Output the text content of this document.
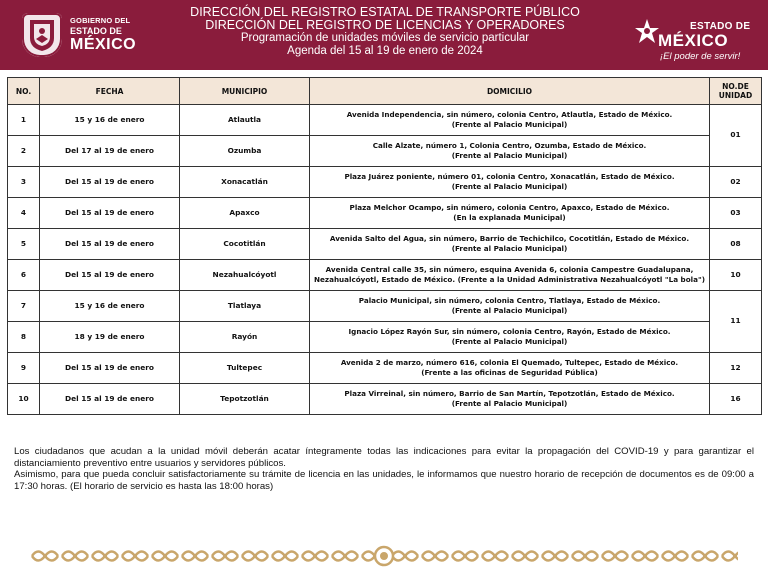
GOBIERNO DEL
ESTADO DE
MÉXICO
DIRECCIÓN DEL REGISTRO ESTATAL DE TRANSPORTE PÚBLICO
DIRECCIÓN DEL REGISTRO DE LICENCIAS Y OPERADORES
Programación de unidades móviles de servicio particular
Agenda del 15 al 19 de enero de 2024
ESTADO DE
MÉXICO
¡El poder de servir!
NO.	FECHA	MUNICIPIO	DOMICILIO	NO.DE UNIDAD
1	15 y 16 de enero	Atlautla	Avenida Independencia, sin número, colonia Centro, Atlautla, Estado de México.
(Frente al Palacio Municipal)	01
2	Del 17 al 19 de enero	Ozumba	Calle Alzate, número 1, Colonia Centro, Ozumba, Estado de México.
(Frente al Palacio Municipal)	

3	Del 15 al 19 de enero	Xonacatlán	Plaza Juárez poniente, número 01, colonia Centro, Xonacatlán, Estado de México.
(Frente al Palacio Municipal)	02
4	Del 15 al 19 de enero	Apaxco	Plaza Melchor Ocampo, sin número, colonia Centro, Apaxco, Estado de México.
(En la explanada Municipal)	03
5	Del 15 al 19 de enero	Cocotitlán	Avenida Salto del Agua, sin número, Barrio de Techichilco, Cocotitlán, Estado de México.
(Frente al Palacio Municipal)	08
6	Del 15 al 19 de enero	Nezahualcóyotl	Avenida Central calle 35, sin número, esquina Avenida 6, colonia Campestre Guadalupana,
Nezahualcóyotl, Estado de México. (Frente a la Unidad Administrativa Nezahualcóyotl "La bola")	10
7	15 y 16 de enero	Tlatlaya	Palacio Municipal, sin número, colonia Centro, Tlatlaya, Estado de México.
(Frente al Palacio Municipal)	11
8	18 y 19 de enero	Rayón	Ignacio López Rayón Sur, sin número, colonia Centro, Rayón, Estado de México.
(Frente al Palacio Municipal)	

9	Del 15 al 19 de enero	Tultepec	Avenida 2 de marzo, número 616, colonia El Quemado, Tultepec, Estado de México.
(Frente a las oficinas de Seguridad Pública)	12
10	Del 15 al 19 de enero	Tepotzotlán	Plaza Virreinal, sin número, Barrio de San Martín, Tepotzotlán, Estado de México.
(Frente al Palacio Municipal)	16

Los ciudadanos que acudan a la unidad móvil deberán acatar íntegramente todas las indicaciones para evitar la propagación del COVID-19 y para garantizar el distanciamiento preventivo entre usuarios y servidores públicos.

Asimismo, para que pueda concluir satisfactoriamente su trámite de licencia en las unidades, le informamos que nuestro horario de recepción de documentos es de 09:00 a 17:30 horas. (El horario de servicio es hasta las 18:00 horas)
